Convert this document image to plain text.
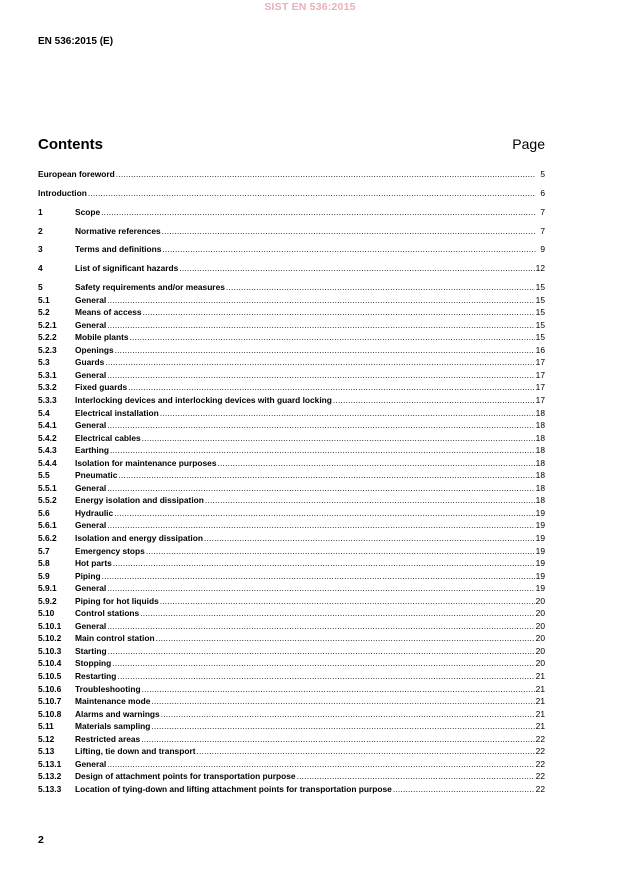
SIST EN 536:2015
EN 536:2015 (E)
Contents	Page
European foreword .....	5
Introduction .....	6
1	Scope .....	7
2	Normative references .....	7
3	Terms and definitions .....	9
4	List of significant hazards .....	12
5	Safety requirements and/or measures .....	15
5.1	General .....	15
5.2	Means of access .....	15
5.2.1	General .....	15
5.2.2	Mobile plants .....	15
5.2.3	Openings .....	16
5.3	Guards .....	17
5.3.1	General .....	17
5.3.2	Fixed guards .....	17
5.3.3	Interlocking devices and interlocking devices with guard locking .....	17
5.4	Electrical installation .....	18
5.4.1	General .....	18
5.4.2	Electrical cables .....	18
5.4.3	Earthing .....	18
5.4.4	Isolation for maintenance purposes .....	18
5.5	Pneumatic .....	18
5.5.1	General .....	18
5.5.2	Energy isolation and dissipation .....	18
5.6	Hydraulic .....	19
5.6.1	General .....	19
5.6.2	Isolation and energy dissipation .....	19
5.7	Emergency stops .....	19
5.8	Hot parts .....	19
5.9	Piping .....	19
5.9.1	General .....	19
5.9.2	Piping for hot liquids .....	20
5.10	Control stations .....	20
5.10.1	General .....	20
5.10.2	Main control station .....	20
5.10.3	Starting .....	20
5.10.4	Stopping .....	20
5.10.5	Restarting .....	21
5.10.6	Troubleshooting .....	21
5.10.7	Maintenance mode .....	21
5.10.8	Alarms and warnings .....	21
5.11	Materials sampling .....	21
5.12	Restricted areas .....	22
5.13	Lifting, tie down and transport .....	22
5.13.1	General .....	22
5.13.2	Design of attachment points for transportation purpose .....	22
5.13.3	Location of tying-down and lifting attachment points for transportation purpose .....	22
2
